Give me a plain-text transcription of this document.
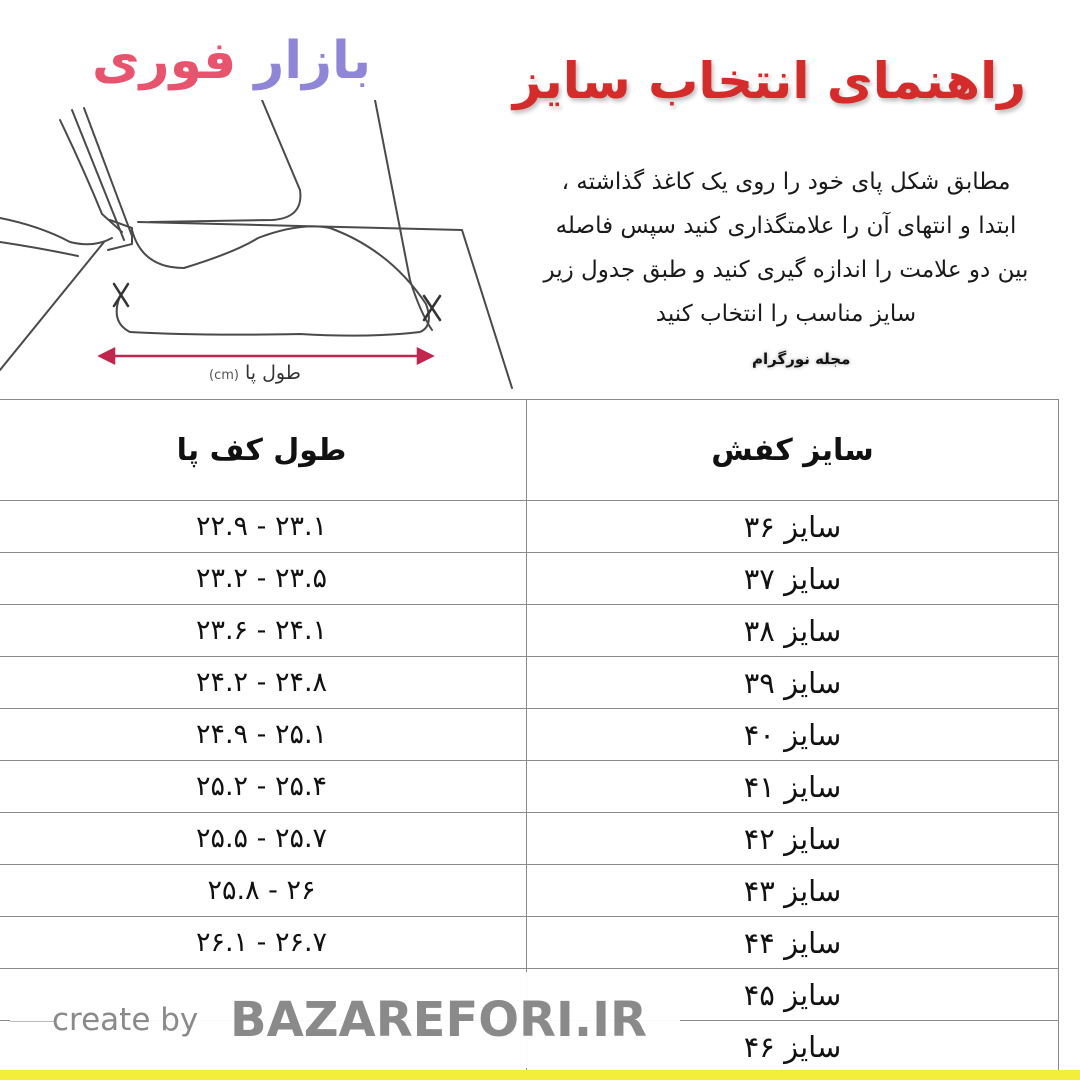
بازار فوری	راهنمای انتخاب سایز
مطابق شکل پای خود را روی یک کاغذ گذاشته ،
ابتدا و انتهای آن را علامتگذاری کنید سپس فاصله
بین دو علامت را اندازه گیری کنید و طبق جدول زیر
سایز مناسب را انتخاب کنید
مجله نورگرام
طول پا (cm)
طول کف پا	سایز کفش
۲۲.۹ - ۲۳.۱	سایز ۳۶
۲۳.۲ - ۲۳.۵	سایز ۳۷
۲۳.۶ - ۲۴.۱	سایز ۳۸
۲۴.۲ - ۲۴.۸	سایز ۳۹
۲۴.۹ - ۲۵.۱	سایز ۴۰
۲۵.۲ - ۲۵.۴	سایز ۴۱
۲۵.۵ - ۲۵.۷	سایز ۴۲
۲۵.۸ - ۲۶	سایز ۴۳
۲۶.۱ - ۲۶.۷	سایز ۴۴
	سایز ۴۵
	سایز ۴۶
create by BAZAREFORI.IR
